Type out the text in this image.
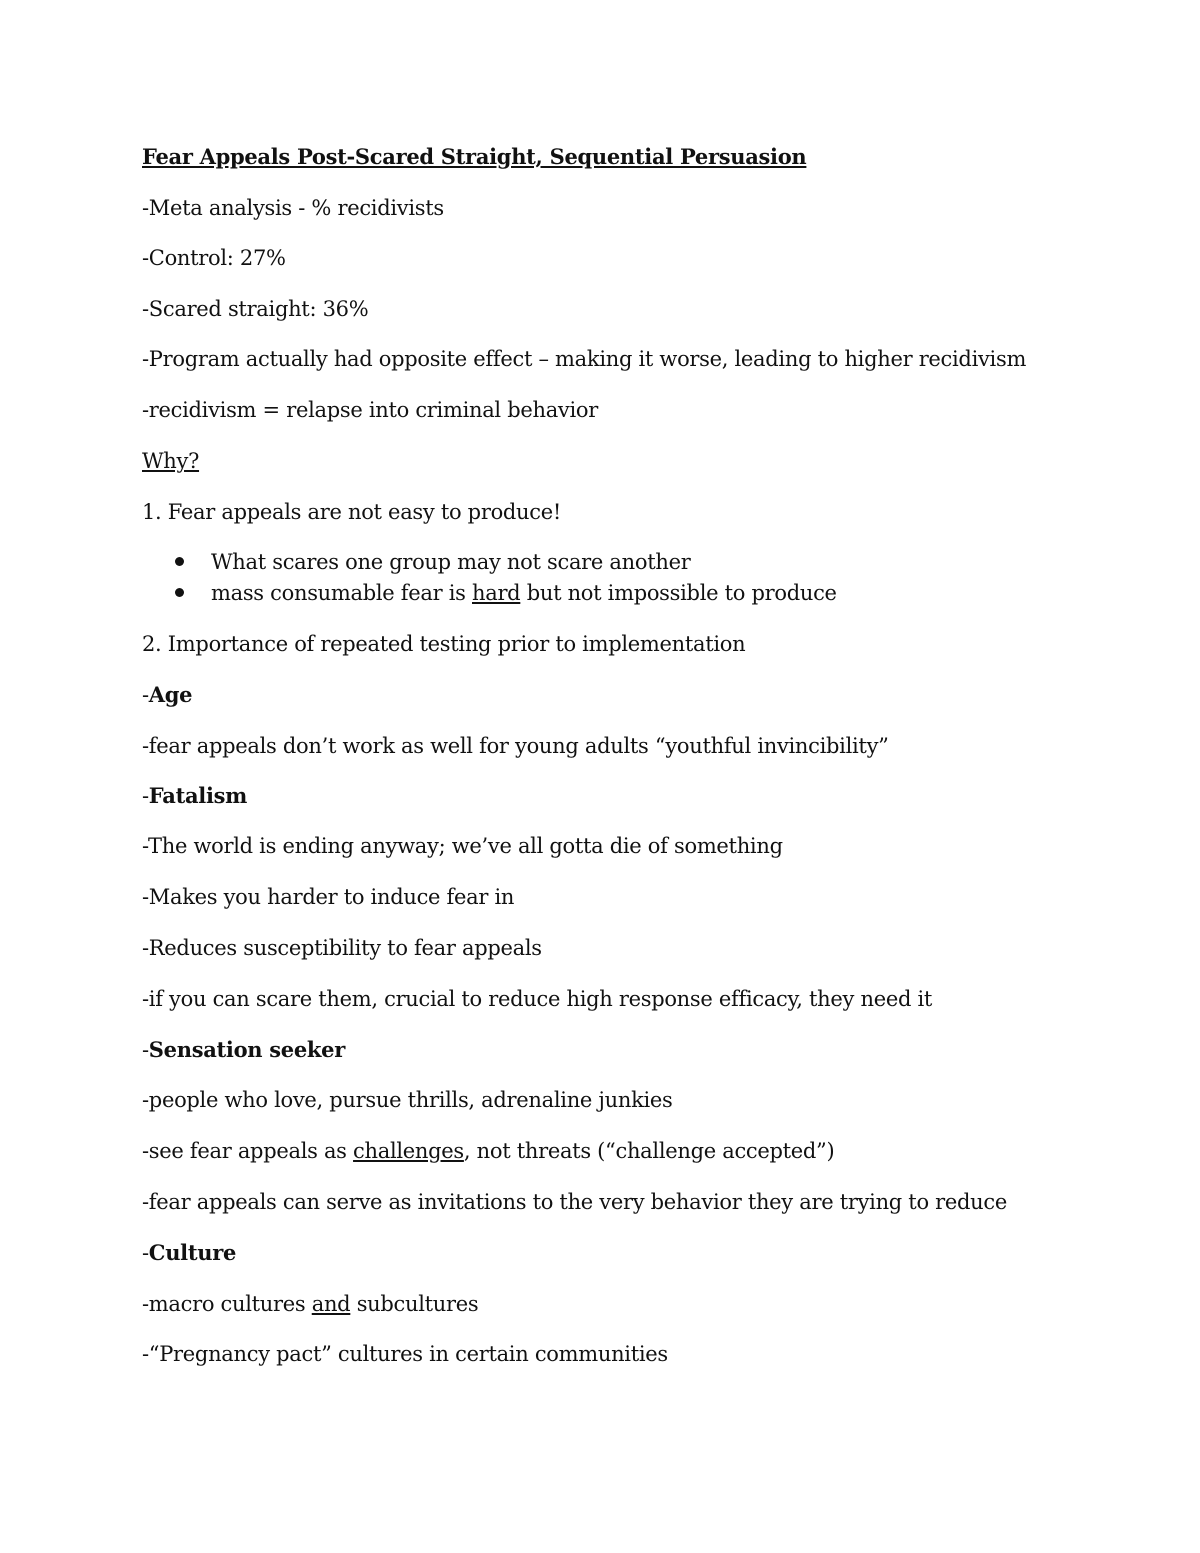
Fear Appeals Post-Scared Straight, Sequential Persuasion
-Meta analysis - % recidivists
-Control: 27%
-Scared straight: 36%
-Program actually had opposite effect – making it worse, leading to higher recidivism
-recidivism = relapse into criminal behavior
Why?
1. Fear appeals are not easy to produce!
What scares one group may not scare another
mass consumable fear is hard but not impossible to produce
2. Importance of repeated testing prior to implementation
-Age
-fear appeals don’t work as well for young adults “youthful invincibility”
-Fatalism
-The world is ending anyway; we’ve all gotta die of something
-Makes you harder to induce fear in
-Reduces susceptibility to fear appeals
-if you can scare them, crucial to reduce high response efficacy, they need it
-Sensation seeker
-people who love, pursue thrills, adrenaline junkies
-see fear appeals as challenges, not threats (“challenge accepted”)
-fear appeals can serve as invitations to the very behavior they are trying to reduce
-Culture
-macro cultures and subcultures
-“Pregnancy pact” cultures in certain communities
